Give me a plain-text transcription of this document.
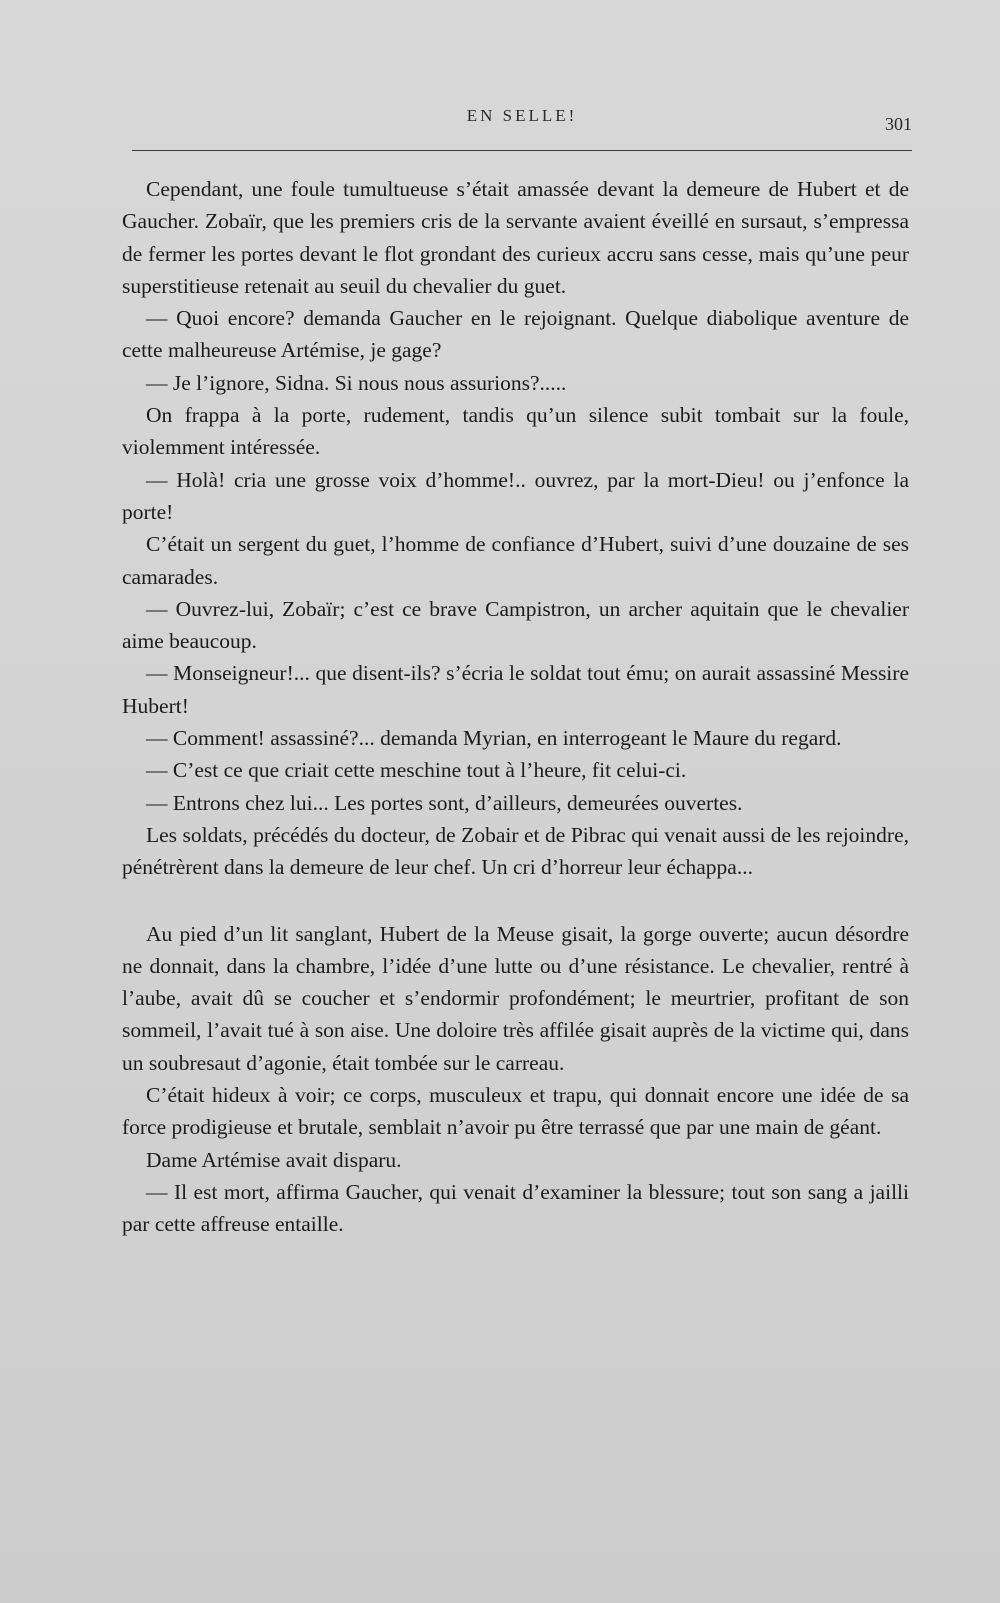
EN SELLE!	301

Cependant, une foule tumultueuse s’était amassée devant la demeure de Hubert et de Gaucher. Zobaïr, que les premiers cris de la servante avaient éveillé en sursaut, s’empressa de fermer les portes devant le flot grondant des curieux accru sans cesse, mais qu’une peur superstitieuse retenait au seuil du chevalier du guet.

— Quoi encore? demanda Gaucher en le rejoignant. Quelque diabolique aventure de cette malheureuse Artémise, je gage?

— Je l’ignore, Sidna. Si nous nous assurions?.....

On frappa à la porte, rudement, tandis qu’un silence subit tombait sur la foule, violemment intéressée.

— Holà! cria une grosse voix d’homme!.. ouvrez, par la mort-Dieu! ou j’enfonce la porte!

C’était un sergent du guet, l’homme de confiance d’Hubert, suivi d’une douzaine de ses camarades.

— Ouvrez-lui, Zobaïr; c’est ce brave Campistron, un archer aquitain que le chevalier aime beaucoup.

— Monseigneur!... que disent-ils? s’écria le soldat tout ému; on aurait assassiné Messire Hubert!

— Comment! assassiné?... demanda Myrian, en interrogeant le Maure du regard.

— C’est ce que criait cette meschine tout à l’heure, fit celui-ci.

— Entrons chez lui... Les portes sont, d’ailleurs, demeurées ouvertes.

Les soldats, précédés du docteur, de Zobair et de Pibrac qui venait aussi de les rejoindre, pénétrèrent dans la demeure de leur chef. Un cri d’horreur leur échappa...

Au pied d’un lit sanglant, Hubert de la Meuse gisait, la gorge ouverte; aucun désordre ne donnait, dans la chambre, l’idée d’une lutte ou d’une résistance. Le chevalier, rentré à l’aube, avait dû se coucher et s’endormir profondément; le meurtrier, profitant de son sommeil, l’avait tué à son aise. Une doloire très affilée gisait auprès de la victime qui, dans un soubresaut d’agonie, était tombée sur le carreau.

C’était hideux à voir; ce corps, musculeux et trapu, qui donnait encore une idée de sa force prodigieuse et brutale, semblait n’avoir pu être terrassé que par une main de géant.

Dame Artémise avait disparu.

— Il est mort, affirma Gaucher, qui venait d’examiner la blessure; tout son sang a jailli par cette affreuse entaille.
